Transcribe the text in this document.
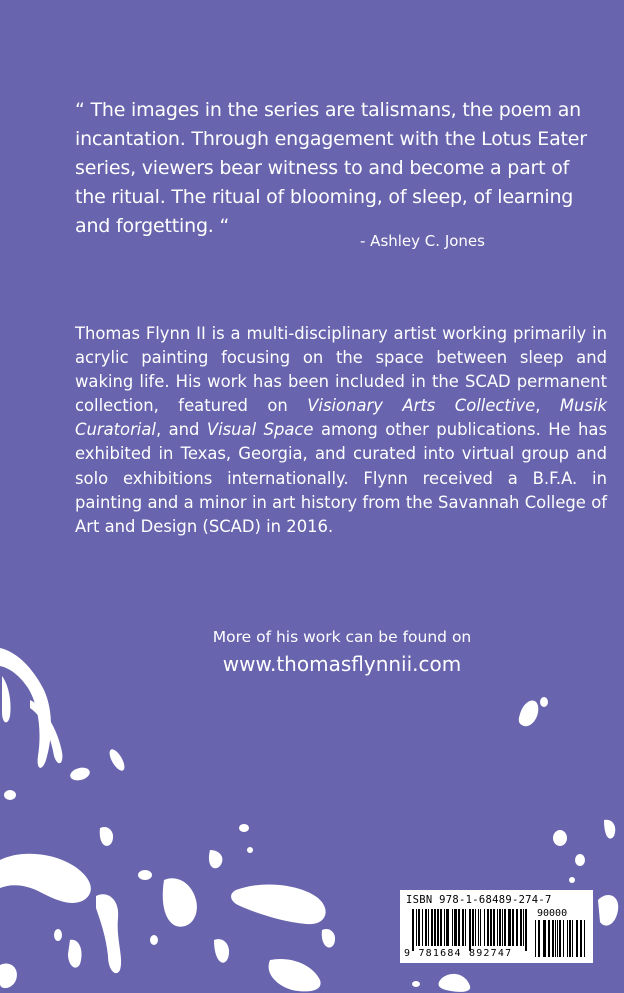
“ The images in the series are talismans, the poem an incantation. Through engagement with the Lotus Eater series, viewers bear witness to and become a part of the ritual. The ritual of blooming, of sleep, of learning and forgetting. “
- Ashley C. Jones
Thomas Flynn II is a multi-disciplinary artist working primarily in acrylic painting focusing on the space between sleep and waking life. His work has been included in the SCAD permanent collection, featured on Visionary Arts Collective, Musik Curatorial, and Visual Space among other publications. He has exhibited in Texas, Georgia, and curated into virtual group and solo exhibitions internationally. Flynn received a B.F.A. in painting and a minor in art history from the Savannah College of Art and Design (SCAD) in 2016.
More of his work can be found on
www.thomasflynnii.com
ISBN 978-1-68489-274-7
90000
9 781684 892747
